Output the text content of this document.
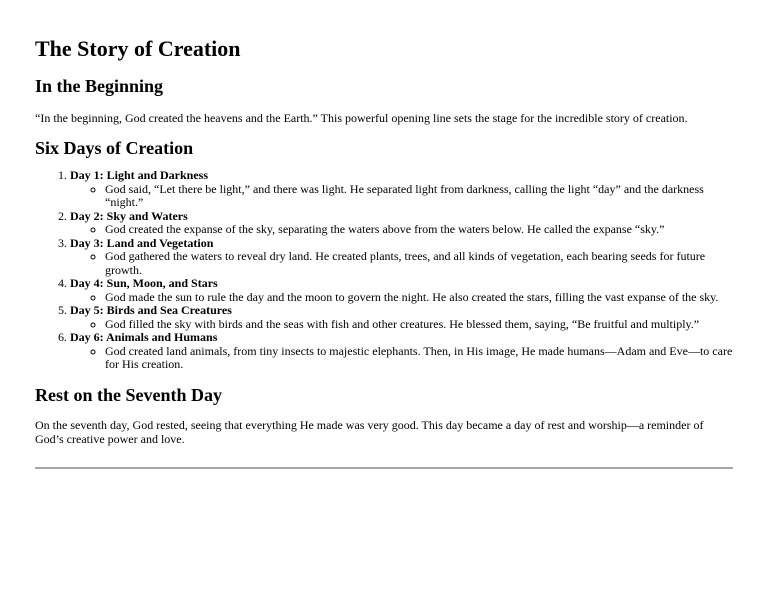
The Story of Creation
In the Beginning

“In the beginning, God created the heavens and the Earth.” This powerful opening line sets the stage for the incredible story of creation.

Six Days of Creation
1. Day 1: Light and Darkness
◦ God said, “Let there be light,” and there was light. He separated light from darkness, calling the light “day” and the darkness “night.”
2. Day 2: Sky and Waters
◦ God created the expanse of the sky, separating the waters above from the waters below. He called the expanse “sky.”
3. Day 3: Land and Vegetation
◦ God gathered the waters to reveal dry land. He created plants, trees, and all kinds of vegetation, each bearing seeds for future growth.
4. Day 4: Sun, Moon, and Stars
◦ God made the sun to rule the day and the moon to govern the night. He also created the stars, filling the vast expanse of the sky.
5. Day 5: Birds and Sea Creatures
◦ God filled the sky with birds and the seas with fish and other creatures. He blessed them, saying, “Be fruitful and multiply.”
6. Day 6: Animals and Humans
◦ God created land animals, from tiny insects to majestic elephants. Then, in His image, He made humans—Adam and Eve—to care for His creation.
Rest on the Seventh Day

On the seventh day, God rested, seeing that everything He made was very good. This day became a day of rest and worship—a reminder of God’s creative power and love.
